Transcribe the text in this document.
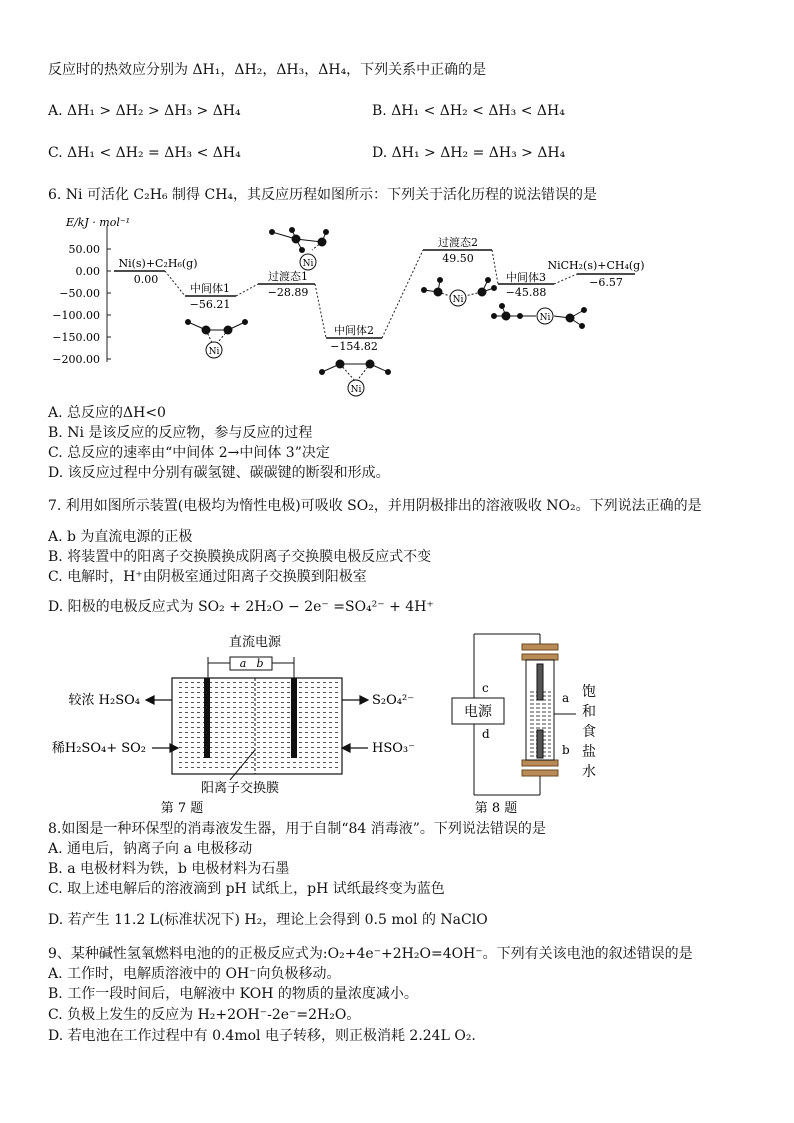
反应时的热效应分别为 ΔH₁，ΔH₂，ΔH₃，ΔH₄，下列关系中正确的是
A. ΔH₁ > ΔH₂ > ΔH₃ > ΔH₄	B. ΔH₁ < ΔH₂ < ΔH₃ < ΔH₄
C. ΔH₁ < ΔH₂ = ΔH₃ < ΔH₄	D. ΔH₁ > ΔH₂ = ΔH₃ > ΔH₄
6. Ni 可活化 C₂H₆ 制得 CH₄，其反应历程如图所示：下列关于活化历程的说法错误的是
E/kJ · mol⁻¹
50.00
0.00
−50.00
−100.00
−150.00
−200.00
Ni(s)+C₂H₆(g)
0.00
中间体1
−56.21
过渡态1
−28.89
中间体2
−154.82
过渡态2
49.50
中间体3
−45.88
NiCH₂(s)+CH₄(g)
−6.57
Ni
Ni
Ni
Ni
Ni
A. 总反应的ΔH<0
B. Ni 是该反应的反应物，参与反应的过程
C. 总反应的速率由“中间体 2→中间体 3”决定
D. 该反应过程中分别有碳氢键、碳碳键的断裂和形成。
7. 利用如图所示装置(电极均为惰性电极)可吸收 SO₂，并用阴极排出的溶液吸收 NO₂。下列说法正确的是
A. b 为直流电源的正极
B. 将装置中的阳离子交换膜换成阴离子交换膜电极反应式不变
C. 电解时，H⁺由阴极室通过阳离子交换膜到阳极室
D. 阳极的电极反应式为 SO₂ + 2H₂O − 2e⁻ =SO₄²⁻ + 4H⁺
直流电源
a b
较浓 H₂SO₄
稀H₂SO₄+ SO₂
S₂O₄²⁻
HSO₃⁻
阳离子交换膜
第 7 题
电源
c
d
a
b
饱
和
食
盐
水
第 8 题
8.如图是一种环保型的消毒液发生器，用于自制“84 消毒液”。下列说法错误的是
A. 通电后，钠离子向 a 电极移动
B. a 电极材料为铁，b 电极材料为石墨
C. 取上述电解后的溶液滴到 pH 试纸上，pH 试纸最终变为蓝色
D. 若产生 11.2 L(标准状况下) H₂，理论上会得到 0.5 mol 的 NaClO
9、某种碱性氢氧燃料电池的的正极反应式为:O₂+4e⁻+2H₂O=4OH⁻。下列有关该电池的叙述错误的是
A. 工作时，电解质溶液中的 OH⁻向负极移动。
B. 工作一段时间后，电解液中 KOH 的物质的量浓度减小。
C. 负极上发生的反应为 H₂+2OH⁻-2e⁻=2H₂O。
D. 若电池在工作过程中有 0.4mol 电子转移，则正极消耗 2.24L O₂.
